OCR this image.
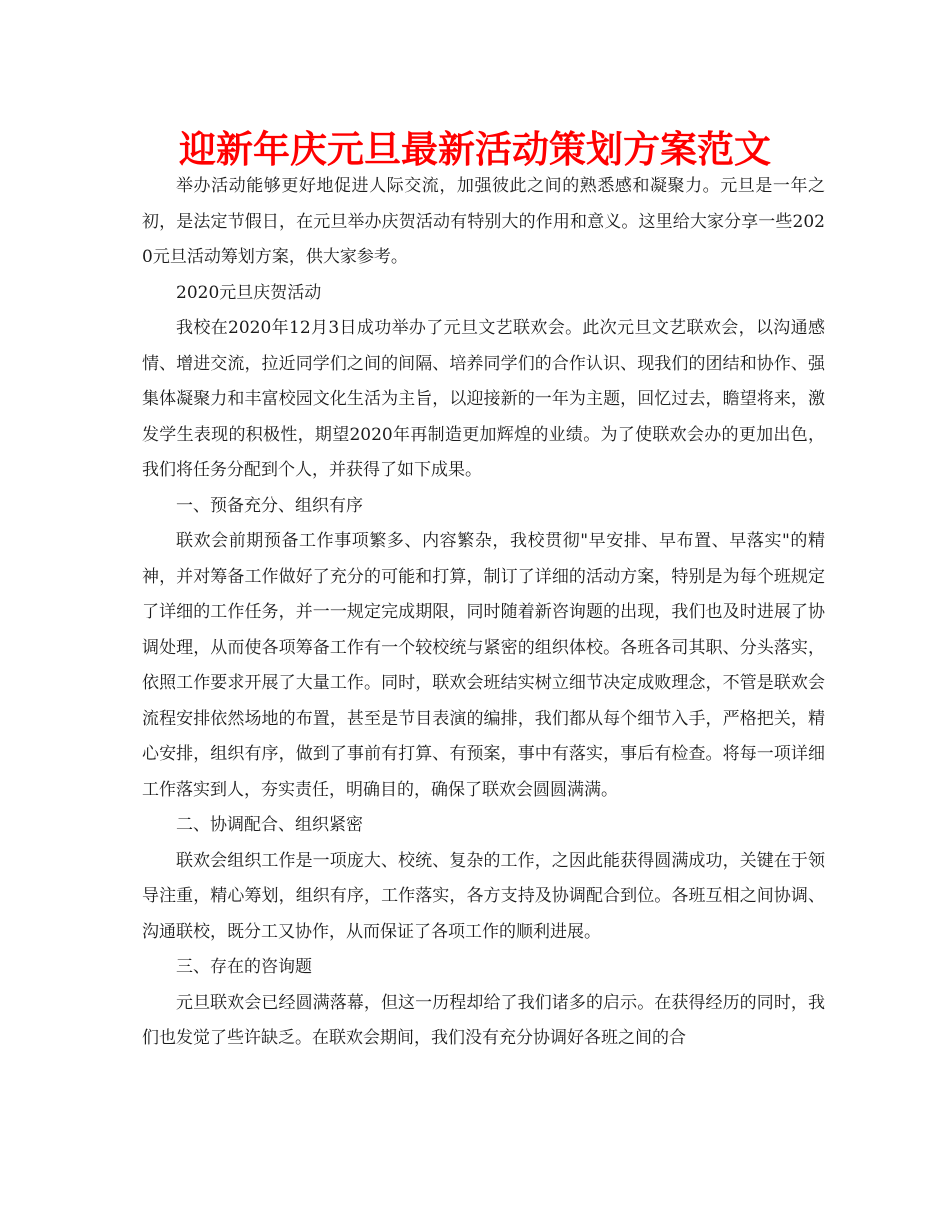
迎新年庆元旦最新活动策划方案范文

举办活动能够更好地促进人际交流，加强彼此之间的熟悉感和凝聚力。元旦是一年之初，是法定节假日，在元旦举办庆贺活动有特别大的作用和意义。这里给大家分享一些2020元旦活动筹划方案，供大家参考。

2020元旦庆贺活动

我校在2020年12月3日成功举办了元旦文艺联欢会。此次元旦文艺联欢会，以沟通感情、增进交流，拉近同学们之间的间隔、培养同学们的合作认识、现我们的团结和协作、强集体凝聚力和丰富校园文化生活为主旨，以迎接新的一年为主题，回忆过去，瞻望将来，激发学生表现的积极性，期望2020年再制造更加辉煌的业绩。为了使联欢会办的更加出色，我们将任务分配到个人，并获得了如下成果。

一、预备充分、组织有序

联欢会前期预备工作事项繁多、内容繁杂，我校贯彻"早安排、早布置、早落实"的精神，并对筹备工作做好了充分的可能和打算，制订了详细的活动方案，特别是为每个班规定了详细的工作任务，并一一规定完成期限，同时随着新咨询题的出现，我们也及时进展了协调处理，从而使各项筹备工作有一个较校统与紧密的组织体校。各班各司其职、分头落实，依照工作要求开展了大量工作。同时，联欢会班结实树立细节决定成败理念，不管是联欢会流程安排依然场地的布置，甚至是节目表演的编排，我们都从每个细节入手，严格把关，精心安排，组织有序，做到了事前有打算、有预案，事中有落实，事后有检查。将每一项详细工作落实到人，夯实责任，明确目的，确保了联欢会圆圆满满。

二、协调配合、组织紧密

联欢会组织工作是一项庞大、校统、复杂的工作，之因此能获得圆满成功，关键在于领导注重，精心筹划，组织有序，工作落实，各方支持及协调配合到位。各班互相之间协调、沟通联校，既分工又协作，从而保证了各项工作的顺利进展。

三、存在的咨询题

元旦联欢会已经圆满落幕，但这一历程却给了我们诸多的启示。在获得经历的同时，我们也发觉了些许缺乏。在联欢会期间，我们没有充分协调好各班之间的合
